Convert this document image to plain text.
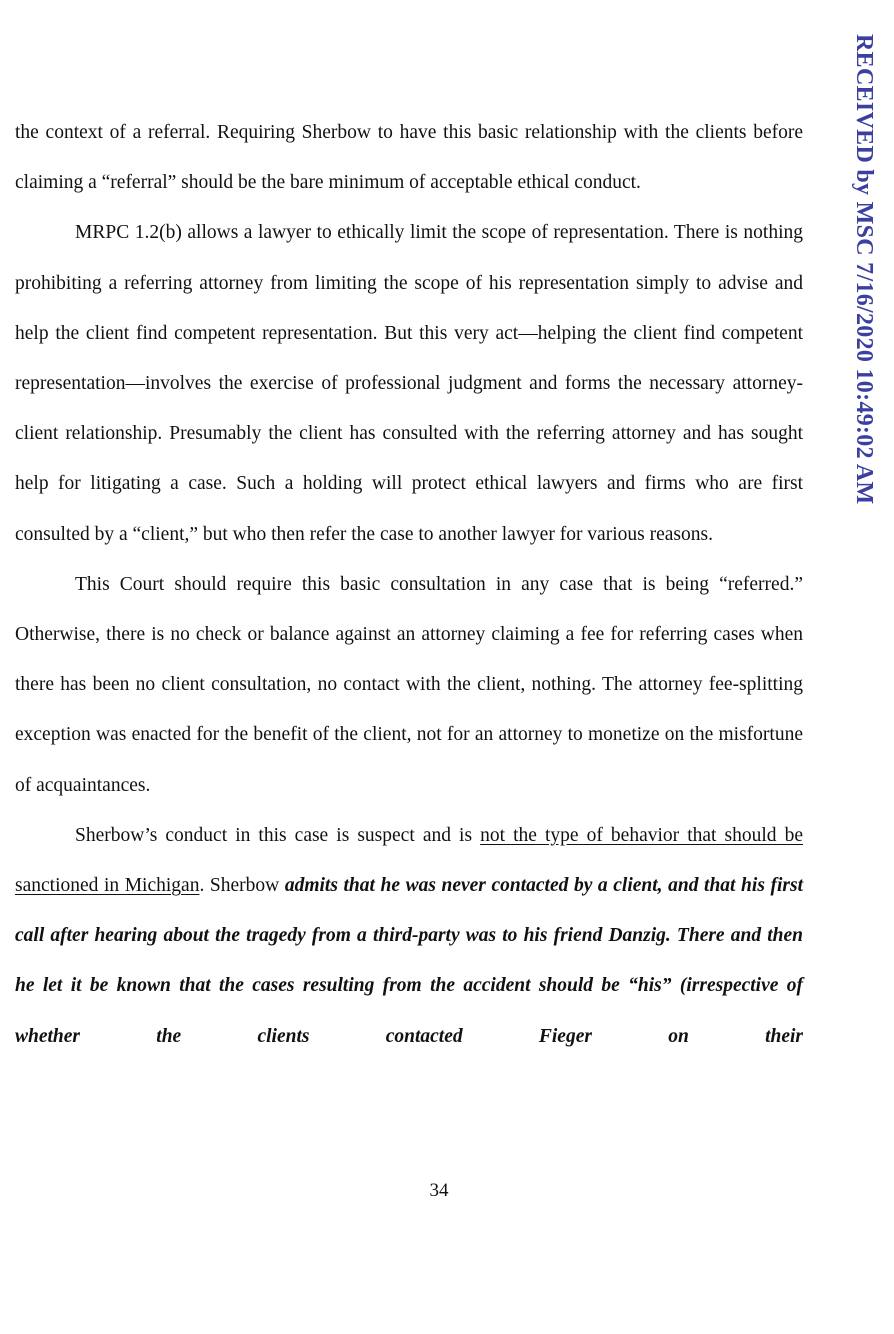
RECEIVED by MSC 7/16/2020 10:49:02 AM

the context of a referral. Requiring Sherbow to have this basic relationship with the clients before claiming a “referral” should be the bare minimum of acceptable ethical conduct.

MRPC 1.2(b) allows a lawyer to ethically limit the scope of representation. There is nothing prohibiting a referring attorney from limiting the scope of his representation simply to advise and help the client find competent representation. But this very act—helping the client find competent representation—involves the exercise of professional judgment and forms the necessary attorney-client relationship. Presumably the client has consulted with the referring attorney and has sought help for litigating a case. Such a holding will protect ethical lawyers and firms who are first consulted by a “client,” but who then refer the case to another lawyer for various reasons.

This Court should require this basic consultation in any case that is being “referred.” Otherwise, there is no check or balance against an attorney claiming a fee for referring cases when there has been no client consultation, no contact with the client, nothing. The attorney fee-splitting exception was enacted for the benefit of the client, not for an attorney to monetize on the misfortune of acquaintances.

Sherbow’s conduct in this case is suspect and is not the type of behavior that should be sanctioned in Michigan. Sherbow admits that he was never contacted by a client, and that his first call after hearing about the tragedy from a third-party was to his friend Danzig. There and then he let it be known that the cases resulting from the accident should be “his” (irrespective of whether the clients contacted Fieger on their

34
